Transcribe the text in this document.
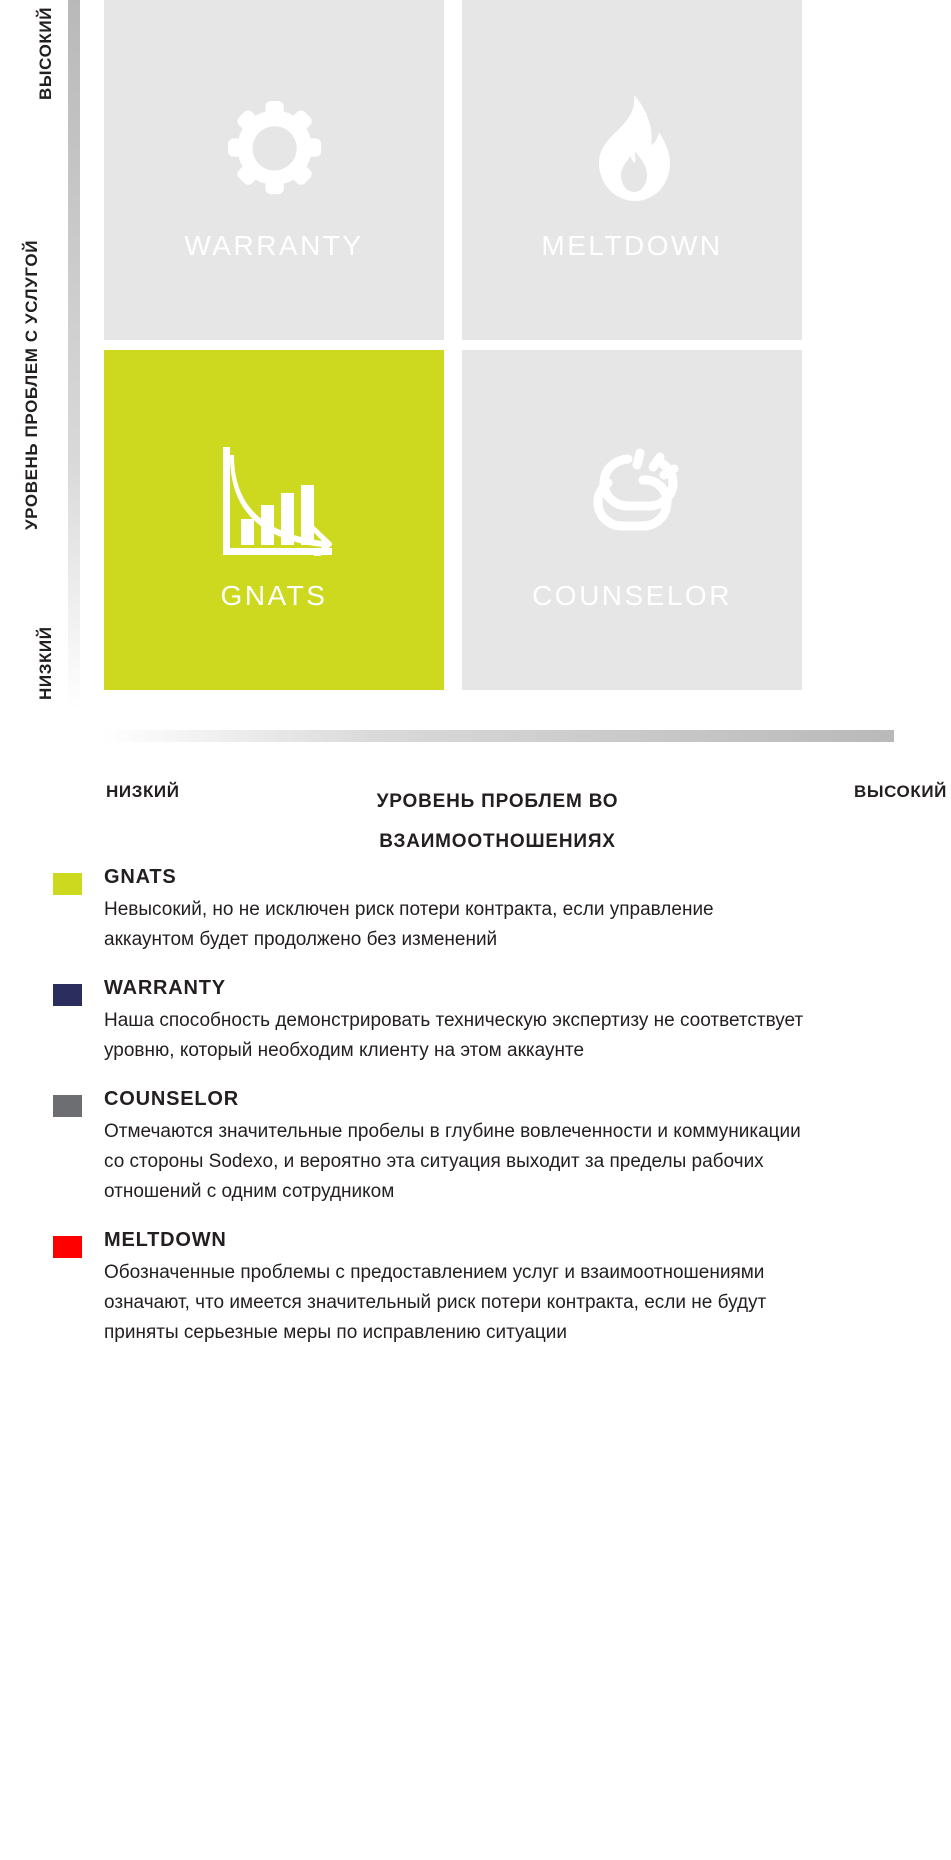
ВЫСОКИЙ
УРОВЕНЬ ПРОБЛЕМ С УСЛУГОЙ
НИЗКИЙ
WARRANTY	MELTDOWN
GNATS	COUNSELOR
НИЗКИЙ	УРОВЕНЬ ПРОБЛЕМ ВО
ВЗАИМООТНОШЕНИЯХ
ВЫСОКИЙ
GNATS
Невысокий, но не исключен риск потери контракта, если управление аккаунтом будет продолжено без изменений
WARRANTY
Наша способность демонстрировать техническую экспертизу не соответствует уровню, который необходим клиенту на этом аккаунте
COUNSELOR
Отмечаются значительные пробелы в глубине вовлеченности и коммуникации со стороны Sodexo, и вероятно эта ситуация выходит за пределы рабочих отношений с одним сотрудником
MELTDOWN
Обозначенные проблемы с предоставлением услуг и взаимоотношениями означают, что имеется значительный риск потери контракта, если не будут приняты серьезные меры по исправлению ситуации
